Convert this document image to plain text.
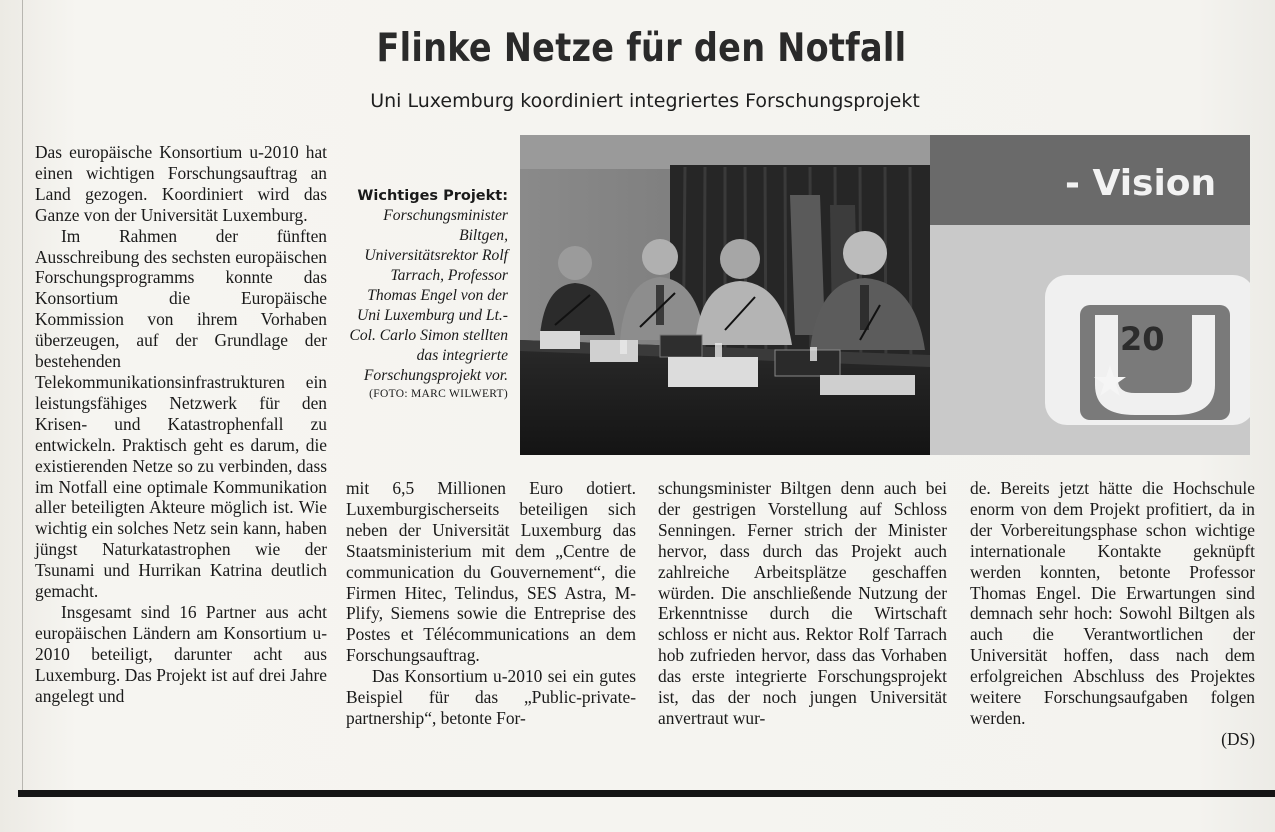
Flinke Netze für den Notfall
Uni Luxemburg koordiniert integriertes Forschungsprojekt

Das europäische Konsortium u-2010 hat einen wichtigen Forschungsauftrag an Land gezogen. Koordiniert wird das Ganze von der Universität Luxemburg.

Im Rahmen der fünften Ausschreibung des sechsten europäischen Forschungsprogramms konnte das Konsortium die Europäische Kommission von ihrem Vorhaben überzeugen, auf der Grundlage der bestehenden Telekommunikationsinfrastrukturen ein leistungsfähiges Netzwerk für den Krisen- und Katastrophenfall zu entwickeln. Praktisch geht es darum, die existierenden Netze so zu verbinden, dass im Notfall eine optimale Kommunikation aller beteiligten Akteure möglich ist. Wie wichtig ein solches Netz sein kann, haben jüngst Naturkatastrophen wie der Tsunami und Hurrikan Katrina deutlich gemacht.

Insgesamt sind 16 Partner aus acht europäischen Ländern am Konsortium u-2010 beteiligt, darunter acht aus Luxemburg. Das Projekt ist auf drei Jahre angelegt und

Wichtiges Projekt:
Forschungsminister Biltgen, Universitätsrektor Rolf Tarrach, Professor Thomas Engel von der Uni Luxemburg und Lt.-Col. Carlo Simon stellten das integrierte Forschungsprojekt vor.
(FOTO: MARC WILWERT)
- Vision
20

mit 6,5 Millionen Euro dotiert. Luxemburgischerseits beteiligen sich neben der Universität Luxemburg das Staatsministerium mit dem „Centre de communication du Gouvernement“, die Firmen Hitec, Telindus, SES Astra, M-Plify, Siemens sowie die Entreprise des Postes et Télécommunications an dem Forschungsauftrag.

Das Konsortium u-2010 sei ein gutes Beispiel für das „Public-private-partnership“, betonte For-

schungsminister Biltgen denn auch bei der gestrigen Vorstellung auf Schloss Senningen. Ferner strich der Minister hervor, dass durch das Projekt auch zahlreiche Arbeitsplätze geschaffen würden. Die anschließende Nutzung der Erkenntnisse durch die Wirtschaft schloss er nicht aus. Rektor Rolf Tarrach hob zufrieden hervor, dass das Vorhaben das erste integrierte Forschungsprojekt ist, das der noch jungen Universität anvertraut wur-

de. Bereits jetzt hätte die Hochschule enorm von dem Projekt profitiert, da in der Vorbereitungsphase schon wichtige internationale Kontakte geknüpft werden konnten, betonte Professor Thomas Engel. Die Erwartungen sind demnach sehr hoch: Sowohl Biltgen als auch die Verantwortlichen der Universität hoffen, dass nach dem erfolgreichen Abschluss des Projektes weitere Forschungsaufgaben folgen werden.

(DS)
